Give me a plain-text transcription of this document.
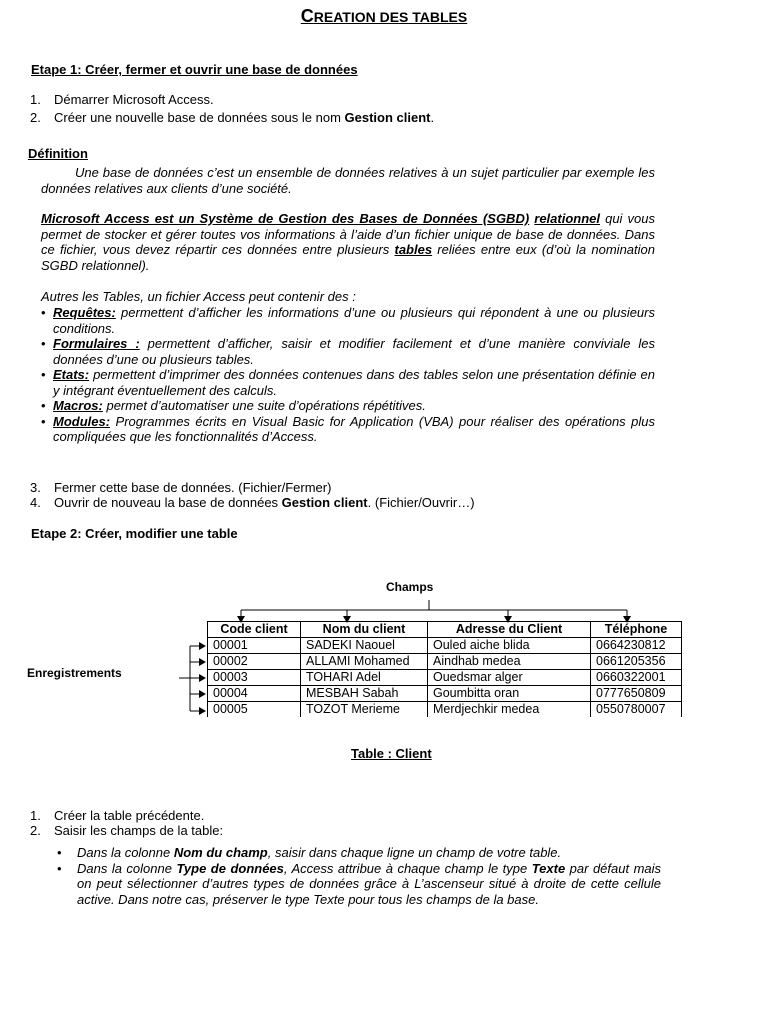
CREATION DES TABLES
Etape 1: Créer, fermer et ouvrir une base de données
1. Démarrer Microsoft Access.
2. Créer une nouvelle base de données sous le nom Gestion client.
Définition
Une base de données c’est un ensemble de données relatives à un sujet particulier par exemple les données relatives aux clients d’une société.
Microsoft Access est un Système de Gestion des Bases de Données (SGBD) relationnel qui vous permet de stocker et gérer toutes vos informations à l’aide d’un fichier unique de base de données. Dans ce fichier, vous devez répartir ces données entre plusieurs tables reliées entre eux (d’où la nomination SGBD relationnel).
Autres les Tables, un fichier Access peut contenir des :
• Requêtes: permettent d’afficher les informations d’une ou plusieurs qui répondent à une ou plusieurs conditions.
• Formulaires : permettent d’afficher, saisir et modifier facilement et d’une manière conviviale les données d’une ou plusieurs tables.
• Etats: permettent d’imprimer des données contenues dans des tables selon une présentation définie en y intégrant éventuellement des calculs.
• Macros: permet d’automatiser une suite d’opérations répétitives.
• Modules: Programmes écrits en Visual Basic for Application (VBA) pour réaliser des opérations plus compliquées que les fonctionnalités d’Access.
3. Fermer cette base de données. (Fichier/Fermer)
4. Ouvrir de nouveau la base de données Gestion client. (Fichier/Ouvrir…)
Etape 2: Créer, modifier une table
Champs
Enregistrements
Code client	Nom du client	Adresse du Client	Téléphone
00001	SADEKI Naouel	Ouled aiche blida	0664230812
00002	ALLAMI Mohamed	Aindhab medea	0661205356
00003	TOHARI Adel	Ouedsmar alger	0660322001
00004	MESBAH Sabah	Goumbitta oran	0777650809
00005	TOZOT Merieme	Merdjechkir medea	0550780007
Table : Client
1. Créer la table précédente.
2. Saisir les champs de la table:
• Dans la colonne Nom du champ, saisir dans chaque ligne un champ de votre table.
• Dans la colonne Type de données, Access attribue à chaque champ le type Texte par défaut mais on peut sélectionner d’autres types de données grâce à L’ascenseur situé à droite de cette cellule active. Dans notre cas, préserver le type Texte pour tous les champs de la base.
